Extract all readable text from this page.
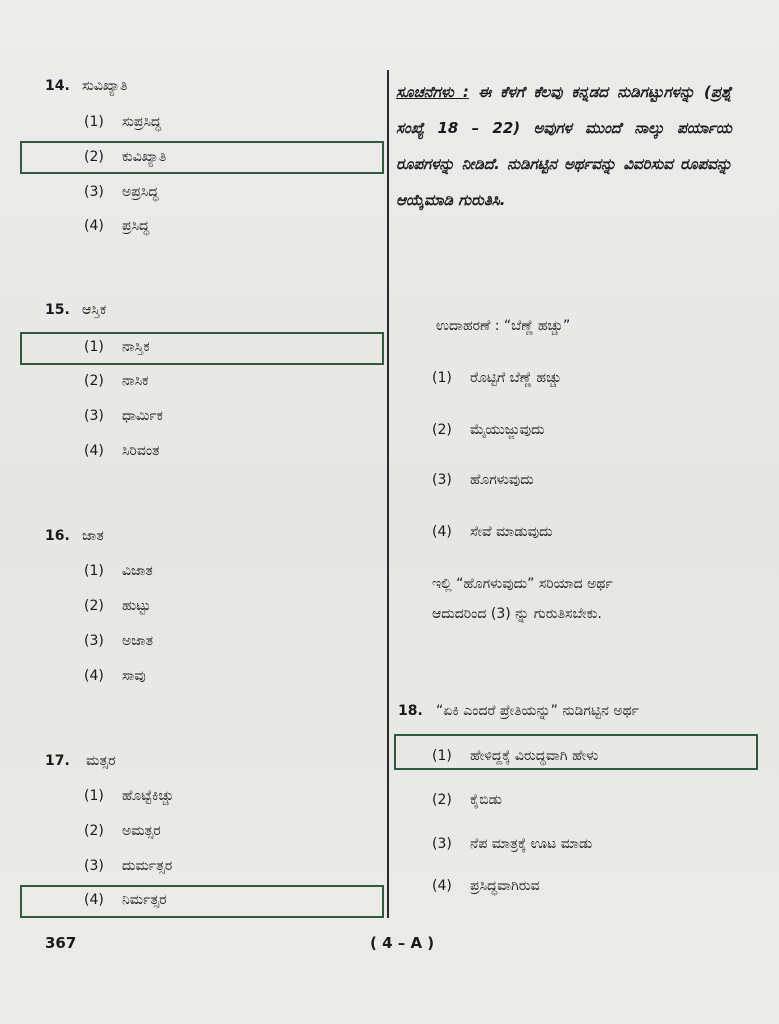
14. ಸುವಿಖ್ಯಾತಿ
(1)	ಸುಪ್ರಸಿದ್ಧ
(2)	ಕುವಿಖ್ಯಾತಿ
(3)	ಅಪ್ರಸಿದ್ಧ
(4)	ಪ್ರಸಿದ್ಧ
15. ಆಸ್ತಿಕ
(1)	ನಾಸ್ತಿಕ
(2)	ನಾಸಿಕ
(3)	ಧಾರ್ಮಿಕ
(4)	ಸಿರಿವಂತ
16. ಜಾತ
(1)	ವಿಜಾತ
(2)	ಹುಟ್ಟು
(3)	ಅಜಾತ
(4)	ಸಾವು
17. ಮತ್ಸರ
(1)	ಹೊಟ್ಟೆಕಿಚ್ಚು
(2)	ಅಮತ್ಸರ
(3)	ದುರ್ಮತ್ಸರ
(4)	ನಿರ್ಮತ್ಸರ
ಸೂಚನೆಗಳು : ಈ ಕೆಳಗೆ ಕೆಲವು ಕನ್ನಡದ ನುಡಿಗಟ್ಟುಗಳನ್ನು (ಪ್ರಶ್ನೆ ಸಂಖ್ಯೆ 18 – 22) ಅವುಗಳ ಮುಂದೆ ನಾಲ್ಕು ಪರ್ಯಾಯ ರೂಪಗಳನ್ನು ನೀಡಿದೆ. ನುಡಿಗಟ್ಟಿನ ಅರ್ಥವನ್ನು ವಿವರಿಸುವ ರೂಪವನ್ನು ಆಯ್ಕೆಮಾಡಿ ಗುರುತಿಸಿ.
ಉದಾಹರಣೆ : “ಬೆಣ್ಣೆ ಹಚ್ಚು”
(1)	ರೊಟ್ಟಿಗೆ ಬೆಣ್ಣೆ ಹಚ್ಚು
(2)	ಮೈಯುಜ್ಜುವುದು
(3)	ಹೊಗಳುವುದು
(4)	ಸೇವೆ ಮಾಡುವುದು
ಇಲ್ಲಿ “ಹೊಗಳುವುದು” ಸರಿಯಾದ ಅರ್ಥ
ಆದುದರಿಂದ (3) ನ್ನು ಗುರುತಿಸಬೇಕು.
18. “ಏಕಿ ಎಂದರೆ ಪ್ರೇತಿಯನ್ನು” ನುಡಿಗಟ್ಟಿನ ಅರ್ಥ
(1)	ಹೇಳಿದ್ದಕ್ಕೆ ವಿರುದ್ಧವಾಗಿ ಹೇಳು
(2)	ಕೈಬಿಡು
(3)	ನೆಪ ಮಾತ್ರಕ್ಕೆ ಊಟ ಮಾಡು
(4)	ಪ್ರಸಿದ್ಧವಾಗಿರುವ
367	( 4 – A )
